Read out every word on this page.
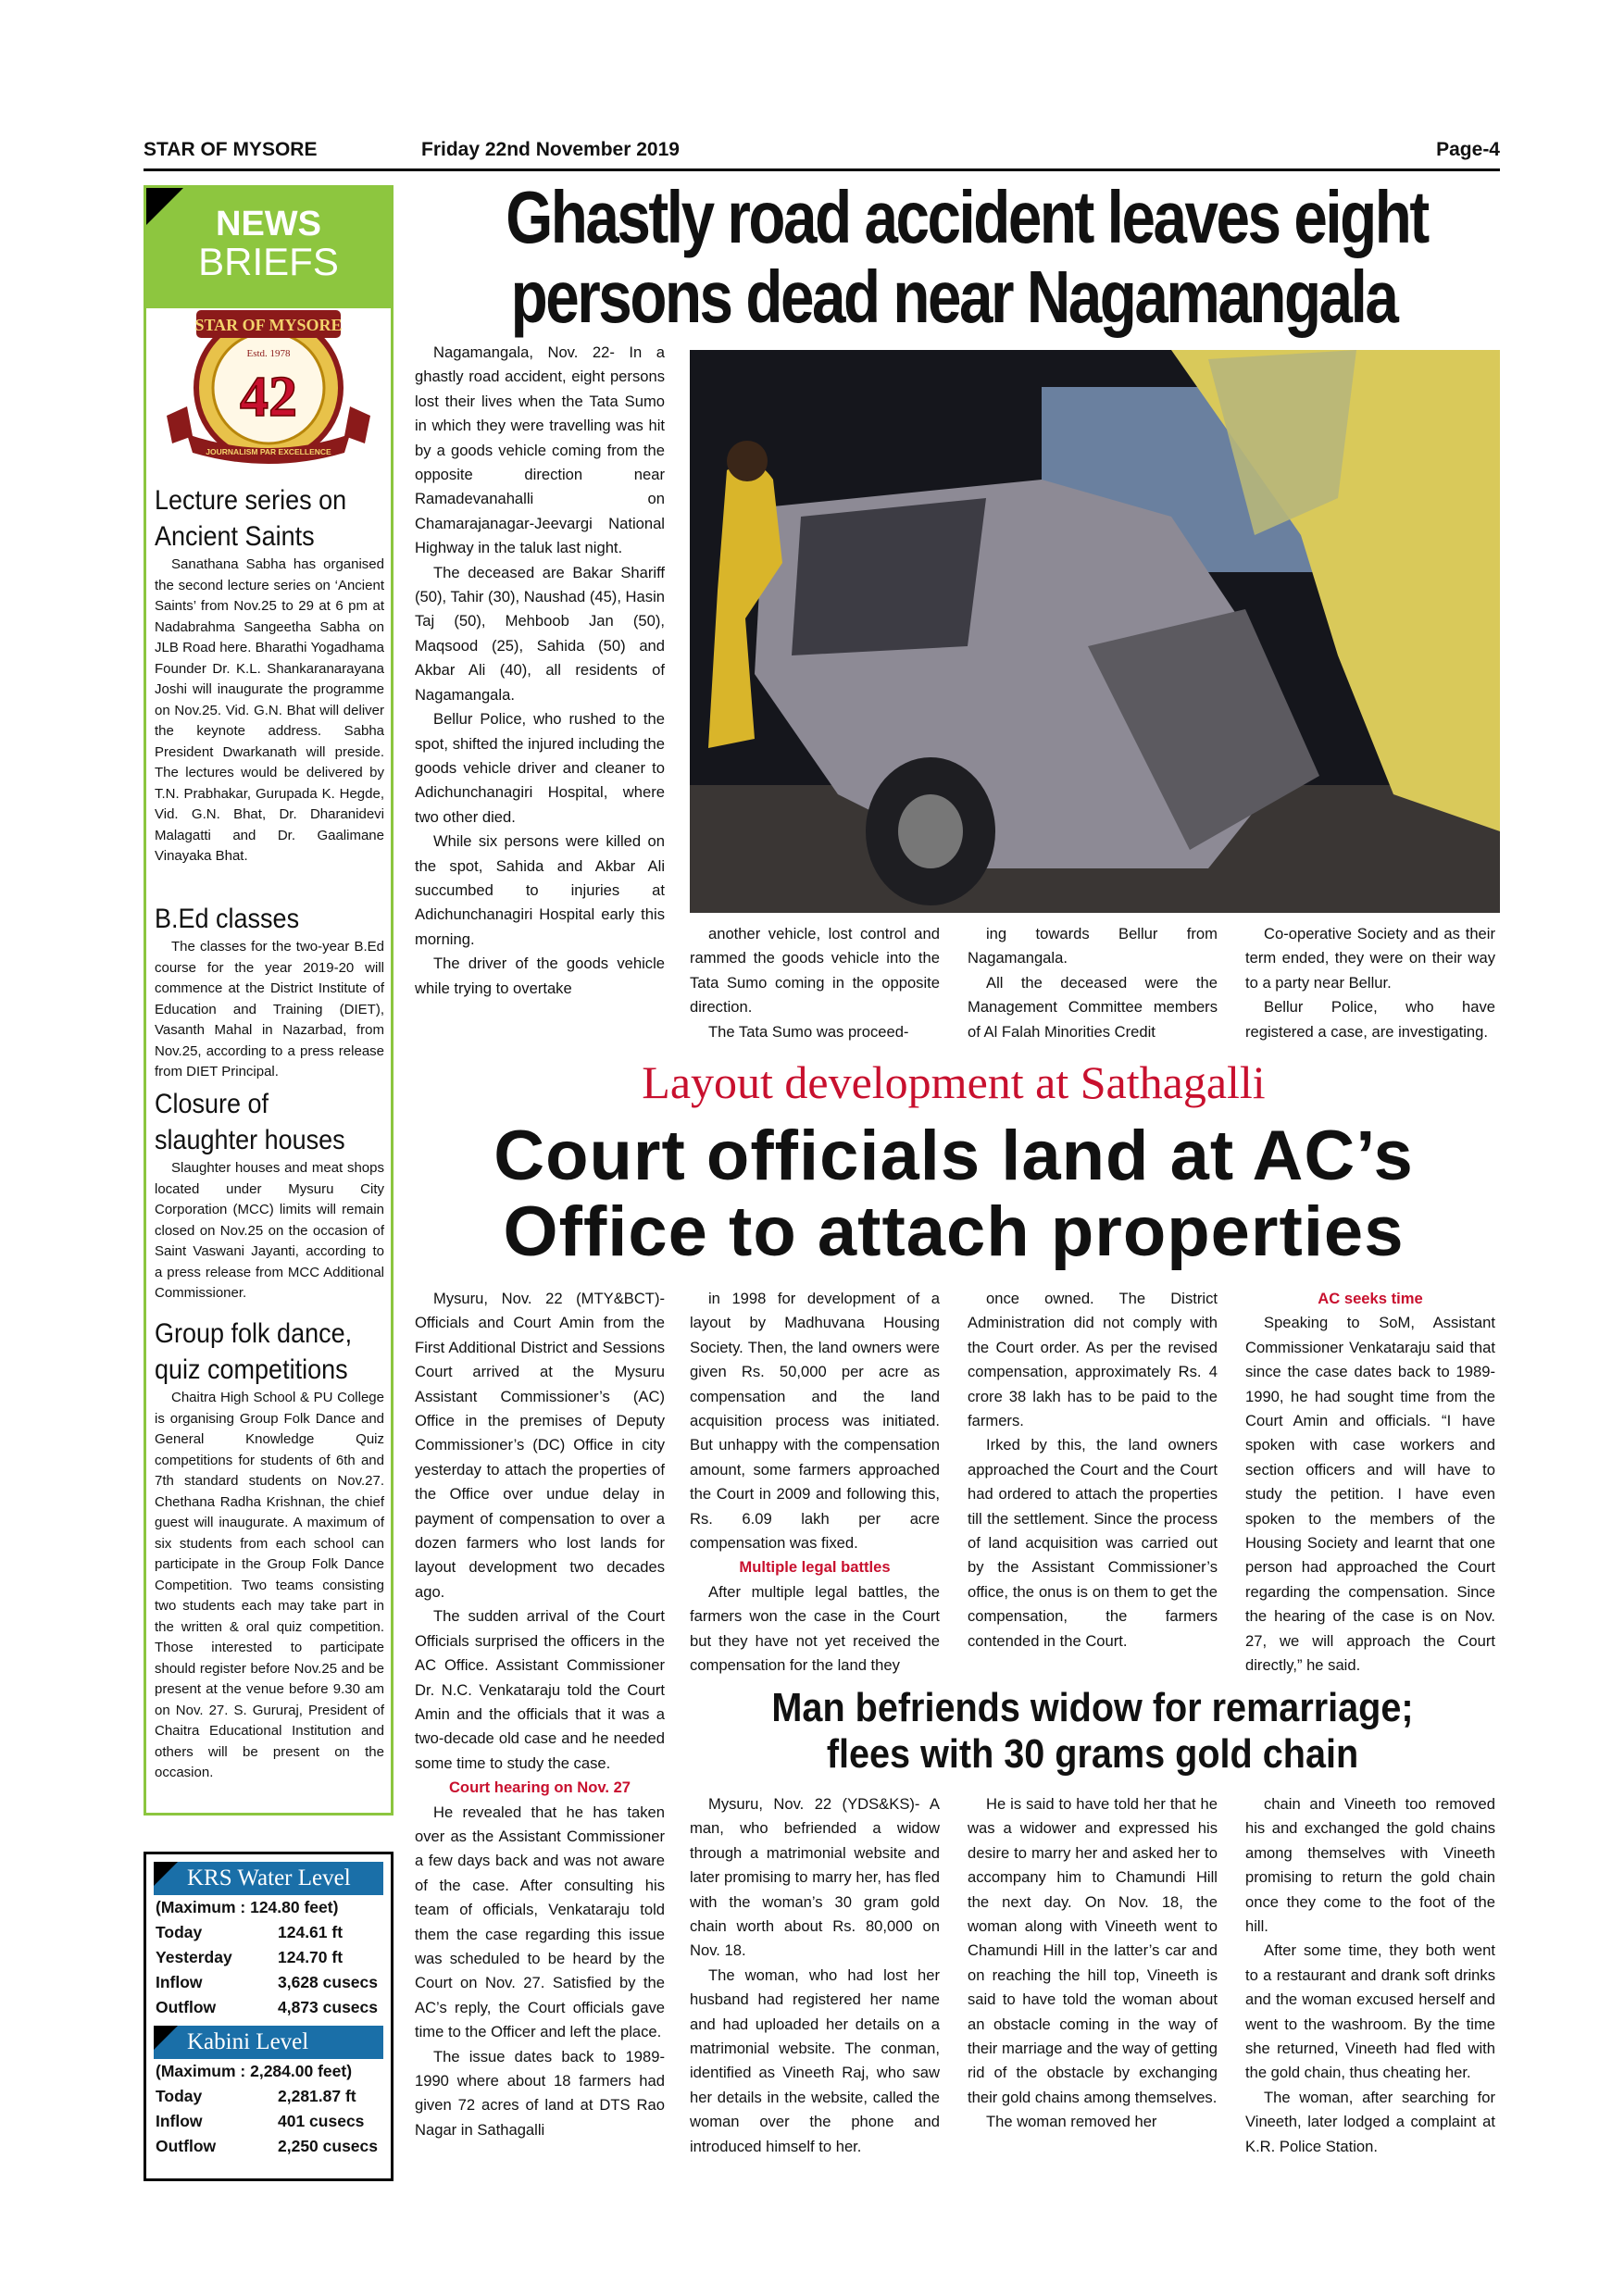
STAR OF MYSORE	Friday 22nd November 2019	Page-4
NEWS
BRIEFS
STAR OF MYSORE
Estd. 1978
42
JOURNALISM PAR EXCELLENCE
Lecture series on
Ancient Saints
Sanathana Sabha has organised the second lecture series on ‘Ancient Saints’ from Nov.25 to 29 at 6 pm at Nadabrahma Sangeetha Sabha on JLB Road here. Bharathi Yogadhama Founder Dr. K.L. Shankaranarayana Joshi will inaugurate the programme on Nov.25. Vid. G.N. Bhat will deliver the keynote address. Sabha President Dwarkanath will preside. The lectures would be delivered by T.N. Prabhakar, Gurupada K. Hegde, Vid. G.N. Bhat, Dr. Dharanidevi Malagatti and Dr. Gaalimane Vinayaka Bhat.
B.Ed classes
The classes for the two-year B.Ed course for the year 2019-20 will commence at the District Institute of Education and Training (DIET), Vasanth Mahal in Nazarbad, from Nov.25, according to a press release from DIET Principal.
Closure of
slaughter houses
Slaughter houses and meat shops located under Mysuru City Corporation (MCC) limits will remain closed on Nov.25 on the occasion of Saint Vaswani Jayanti, according to a press release from MCC Additional Commissioner.
Group folk dance,
quiz competitions
Chaitra High School & PU College is organising Group Folk Dance and General Knowledge Quiz competitions for students of 6th and 7th standard students on Nov.27. Chethana Radha Krishnan, the chief guest will inaugurate. A maximum of six students from each school can participate in the Group Folk Dance Competition. Two teams consisting two students each may take part in the written & oral quiz competition. Those interested to participate should register before Nov.25 and be present at the venue before 9.30 am on Nov. 27. S. Gururaj, President of Chaitra Educational Institution and others will be present on the occasion.
KRS Water Level
(Maximum : 124.80 feet)
Today	124.61 ft
Yesterday	124.70 ft
Inflow	3,628 cusecs
Outflow	4,873 cusecs
Kabini Level
(Maximum : 2,284.00 feet)
Today	2,281.87 ft
Inflow	401 cusecs
Outflow	2,250 cusecs
Ghastly road accident leaves eight
persons dead near Nagamangala

Nagamangala, Nov. 22- In a ghastly road accident, eight persons lost their lives when the Tata Sumo in which they were travelling was hit by a goods vehicle coming from the opposite direction near Ramadevanahalli on Chamarajanagar-Jeevargi National Highway in the taluk last night.

The deceased are Bakar Shariff (50), Tahir (30), Naushad (45), Hasin Taj (50), Mehboob Jan (50), Maqsood (25), Sahida (50) and Akbar Ali (40), all residents of Nagamangala.

Bellur Police, who rushed to the spot, shifted the injured including the goods vehicle driver and cleaner to Adichunchanagiri Hospital, where two other died.

While six persons were killed on the spot, Sahida and Akbar Ali succumbed to injuries at Adichunchanagiri Hospital early this morning.

The driver of the goods vehicle while trying to overtake

another vehicle, lost control and rammed the goods vehicle into the Tata Sumo coming in the opposite direction.

The Tata Sumo was proceed-

ing towards Bellur from Nagamangala.

All the deceased were the Management Committee members of Al Falah Minorities Credit

Co-operative Society and as their term ended, they were on their way to a party near Bellur.

Bellur Police, who have registered a case, are investigating.

Layout development at Sathagalli
Court officials land at AC’s
Office to attach properties

Mysuru, Nov. 22 (MTY&BCT)- Officials and Court Amin from the First Additional District and Sessions Court arrived at the Mysuru Assistant Commissioner’s (AC) Office in the premises of Deputy Commissioner’s (DC) Office in city yesterday to attach the properties of the Office over undue delay in payment of compensation to over a dozen farmers who lost lands for layout development two decades ago.

The sudden arrival of the Court Officials surprised the officers in the AC Office. Assistant Commissioner Dr. N.C. Venkataraju told the Court Amin and the officials that it was a two-decade old case and he needed some time to study the case.

Court hearing on Nov. 27

He revealed that he has taken over as the Assistant Commissioner a few days back and was not aware of the case. After consulting his team of officials, Venkataraju told them the case regarding this issue was scheduled to be heard by the Court on Nov. 27. Satisfied by the AC’s reply, the Court officials gave time to the Officer and left the place.

The issue dates back to 1989-1990 where about 18 farmers had given 72 acres of land at DTS Rao Nagar in Sathagalli

in 1998 for development of a layout by Madhuvana Housing Society. Then, the land owners were given Rs. 50,000 per acre as compensation and the land acquisition process was initiated. But unhappy with the compensation amount, some farmers approached the Court in 2009 and following this, Rs. 6.09 lakh per acre compensation was fixed.

Multiple legal battles

After multiple legal battles, the farmers won the case in the Court but they have not yet received the compensation for the land they

once owned. The District Administration did not comply with the Court order. As per the revised compensation, approximately Rs. 4 crore 38 lakh has to be paid to the farmers.

Irked by this, the land owners approached the Court and the Court had ordered to attach the properties till the settlement. Since the process of land acquisition was carried out by the Assistant Commissioner’s office, the onus is on them to get the compensation, the farmers contended in the Court.

AC seeks time

Speaking to SoM, Assistant Commissioner Venkataraju said that since the case dates back to 1989-1990, he had sought time from the Court Amin and officials. “I have spoken with case workers and section officers and will have to study the petition. I have even spoken to the members of the Housing Society and learnt that one person had approached the Court regarding the compensation. Since the hearing of the case is on Nov. 27, we will approach the Court directly,” he said.

Man befriends widow for remarriage;
flees with 30 grams gold chain

Mysuru, Nov. 22 (YDS&KS)- A man, who befriended a widow through a matrimonial website and later promising to marry her, has fled with the woman’s 30 gram gold chain worth about Rs. 80,000 on Nov. 18.

The woman, who had lost her husband had registered her name and had uploaded her details on a matrimonial website. The conman, identified as Vineeth Raj, who saw her details in the website, called the woman over the phone and introduced himself to her.

He is said to have told her that he was a widower and expressed his desire to marry her and asked her to accompany him to Chamundi Hill the next day. On Nov. 18, the woman along with Vineeth went to Chamundi Hill in the latter’s car and on reaching the hill top, Vineeth is said to have told the woman about an obstacle coming in the way of their marriage and the way of getting rid of the obstacle by exchanging their gold chains among themselves.

The woman removed her

chain and Vineeth too removed his and exchanged the gold chains among themselves with Vineeth promising to return the gold chain once they come to the foot of the hill.

After some time, they both went to a restaurant and drank soft drinks and the woman excused herself and went to the washroom. By the time she returned, Vineeth had fled with the gold chain, thus cheating her.

The woman, after searching for Vineeth, later lodged a complaint at K.R. Police Station.
